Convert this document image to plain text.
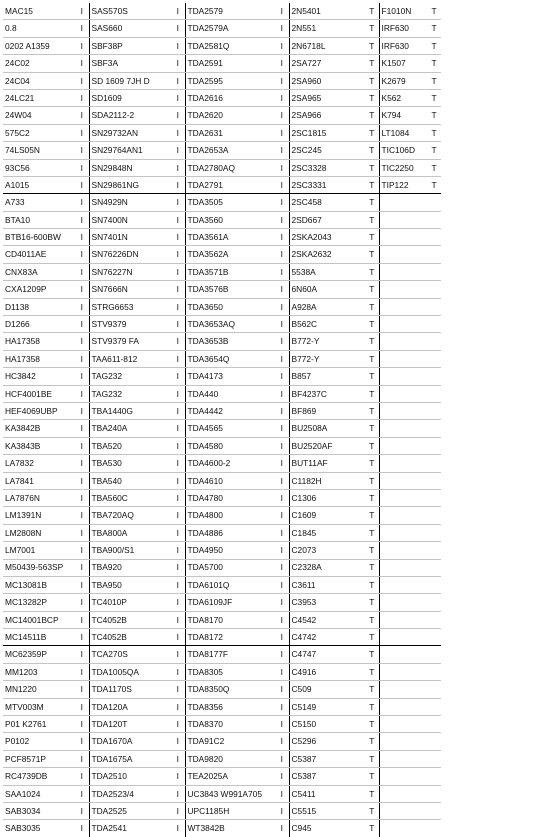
MAC15	I	SAS570S	I	TDA2579	I	2N5401	T	F1010N	T
0.8	I	SAS660	I	TDA2579A	I	2N551	T	IRF630	T
0202 A1359	I	SBF38P	I	TDA2581Q	I	2N6718L	T	IRF630	T
24C02	I	SBF3A	I	TDA2591	I	2SA727	T	K1507	T
24C04	I	SD 1609 7JH D	I	TDA2595	I	2SA960	T	K2679	T
24LC21	I	SD1609	I	TDA2616	I	2SA965	T	K562	T
24W04	I	SDA2112-2	I	TDA2620	I	2SA966	T	K794	T
575C2	I	SN29732AN	I	TDA2631	I	2SC1815	T	LT1084	T
74LS05N	I	SN29764AN1	I	TDA2653A	I	2SC245	T	TIC106D	T
93C56	I	SN29848N	I	TDA2780AQ	I	2SC3328	T	TIC2250	T
A1015	I	SN29861NG	I	TDA2791	I	2SC3331	T	TIP122	T
A733	I	SN4929N	I	TDA3505	I	2SC458	T		
BTA10	I	SN7400N	I	TDA3560	I	2SD667	T		
BTB16-600BW	I	SN7401N	I	TDA3561A	I	2SKA2043	T		
CD4011AE	I	SN76226DN	I	TDA3562A	I	2SKA2632	T		
CNX83A	I	SN76227N	I	TDA3571B	I	5538A	T		
CXA1209P	I	SN7666N	I	TDA3576B	I	6N60A	T		
D1138	I	STRG6653	I	TDA3650	I	A928A	T		
D1266	I	STV9379	I	TDA3653AQ	I	B562C	T		
HA17358	I	STV9379 FA	I	TDA3653B	I	B772-Y	T		
HA17358	I	TAA611-812	I	TDA3654Q	I	B772-Y	T		
HC3842	I	TAG232	I	TDA4173	I	B857	T		
HCF4001BE	I	TAG232	I	TDA440	I	BF4237C	T		
HEF4069UBP	I	TBA1440G	I	TDA4442	I	BF869	T		
KA3842B	I	TBA240A	I	TDA4565	I	BU2508A	T		
KA3843B	I	TBA520	I	TDA4580	I	BU2520AF	T		
LA7832	I	TBA530	I	TDA4600-2	I	BUT11AF	T		
LA7841	I	TBA540	I	TDA4610	I	C1182H	T		
LA7876N	I	TBA560C	I	TDA4780	I	C1306	T		
LM1391N	I	TBA720AQ	I	TDA4800	I	C1609	T		
LM2808N	I	TBA800A	I	TDA4886	I	C1845	T		
LM7001	I	TBA900/S1	I	TDA4950	I	C2073	T		
M50439-563SP	I	TBA920	I	TDA5700	I	C2328A	T		
MC13081B	I	TBA950	I	TDA6101Q	I	C3611	T		
MC13282P	I	TC4010P	I	TDA6109JF	I	C3953	T		
MC14001BCP	I	TC4052B	I	TDA8170	I	C4542	T		
MC14511B	I	TC4052B	I	TDA8172	I	C4742	T		
MC62359P	I	TCA270S	I	TDA8177F	I	C4747	T		
MM1203	I	TDA1005QA	I	TDA8305	I	C4916	T		
MN1220	I	TDA1170S	I	TDA8350Q	I	C509	T		
MTV003M	I	TDA120A	I	TDA8356	I	C5149	T		
P01 K2761	I	TDA120T	I	TDA8370	I	C5150	T		
P0102	I	TDA1670A	I	TDA91C2	I	C5296	T		
PCF8571P	I	TDA1675A	I	TDA9820	I	C5387	T		
RC4739DB	I	TDA2510	I	TEA2025A	I	C5387	T		
SAA1024	I	TDA2523/4	I	UC3843 W991A705	I	C5411	T		
SAB3034	I	TDA2525	I	UPC1185H	I	C5515	T		
SAB3035	I	TDA2541	I	WT3842B	I	C945	T		
